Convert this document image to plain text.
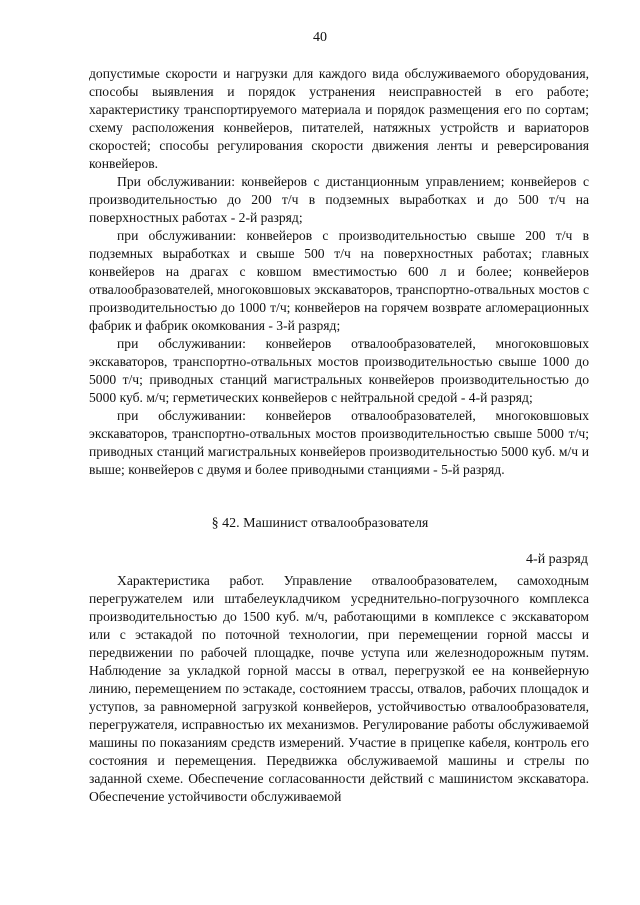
40

допустимые скорости и нагрузки для каждого вида обслуживаемого оборудования, способы выявления и порядок устранения неисправностей в его работе; характеристику транспортируемого материала и порядок размещения его по сортам; схему расположения конвейеров, питателей, натяжных устройств и вариаторов скоростей; способы регулирования скорости движения ленты и реверсирования конвейеров.

При обслуживании: конвейеров с дистанционным управлением; конвейеров с производительностью до 200 т/ч в подземных выработках и до 500 т/ч на поверхностных работах - 2-й разряд;

при обслуживании: конвейеров с производительностью свыше 200 т/ч в подземных выработках и свыше 500 т/ч на поверхностных работах; главных конвейеров на драгах с ковшом вместимостью 600 л и более; конвейеров отвалообразователей, многоковшовых экскаваторов, транспортно-отвальных мостов с производительностью до 1000 т/ч; конвейеров на горячем возврате агломерационных фабрик и фабрик окомкования - 3-й разряд;

при обслуживании: конвейеров отвалообразователей, многоковшовых экскаваторов, транспортно-отвальных мостов производительностью свыше 1000 до 5000 т/ч; приводных станций магистральных конвейеров производительностью до 5000 куб. м/ч; герметических конвейеров с нейтральной средой - 4-й разряд;

при обслуживании: конвейеров отвалообразователей, многоковшовых экскаваторов, транспортно-отвальных мостов производительностью свыше 5000 т/ч; приводных станций магистральных конвейеров производительностью 5000 куб. м/ч и выше; конвейеров с двумя и более приводными станциями - 5-й разряд.

§ 42. Машинист отвалообразователя

4-й разряд

Характеристика работ. Управление отвалообразователем, самоходным перегружателем или штабелеукладчиком усреднительно-погрузочного комплекса производительностью до 1500 куб. м/ч, работающими в комплексе с экскаватором или с эстакадой по поточной технологии, при перемещении горной массы и передвижении по рабочей площадке, почве уступа или железнодорожным путям. Наблюдение за укладкой горной массы в отвал, перегрузкой ее на конвейерную линию, перемещением по эстакаде, состоянием трассы, отвалов, рабочих площадок и уступов, за равномерной загрузкой конвейеров, устойчивостью отвалообразователя, перегружателя, исправностью их механизмов. Регулирование работы обслуживаемой машины по показаниям средств измерений. Участие в прицепке кабеля, контроль его состояния и перемещения. Передвижка обслуживаемой машины и стрелы по заданной схеме. Обеспечение согласованности действий с машинистом экскаватора. Обеспечение устойчивости обслуживаемой
